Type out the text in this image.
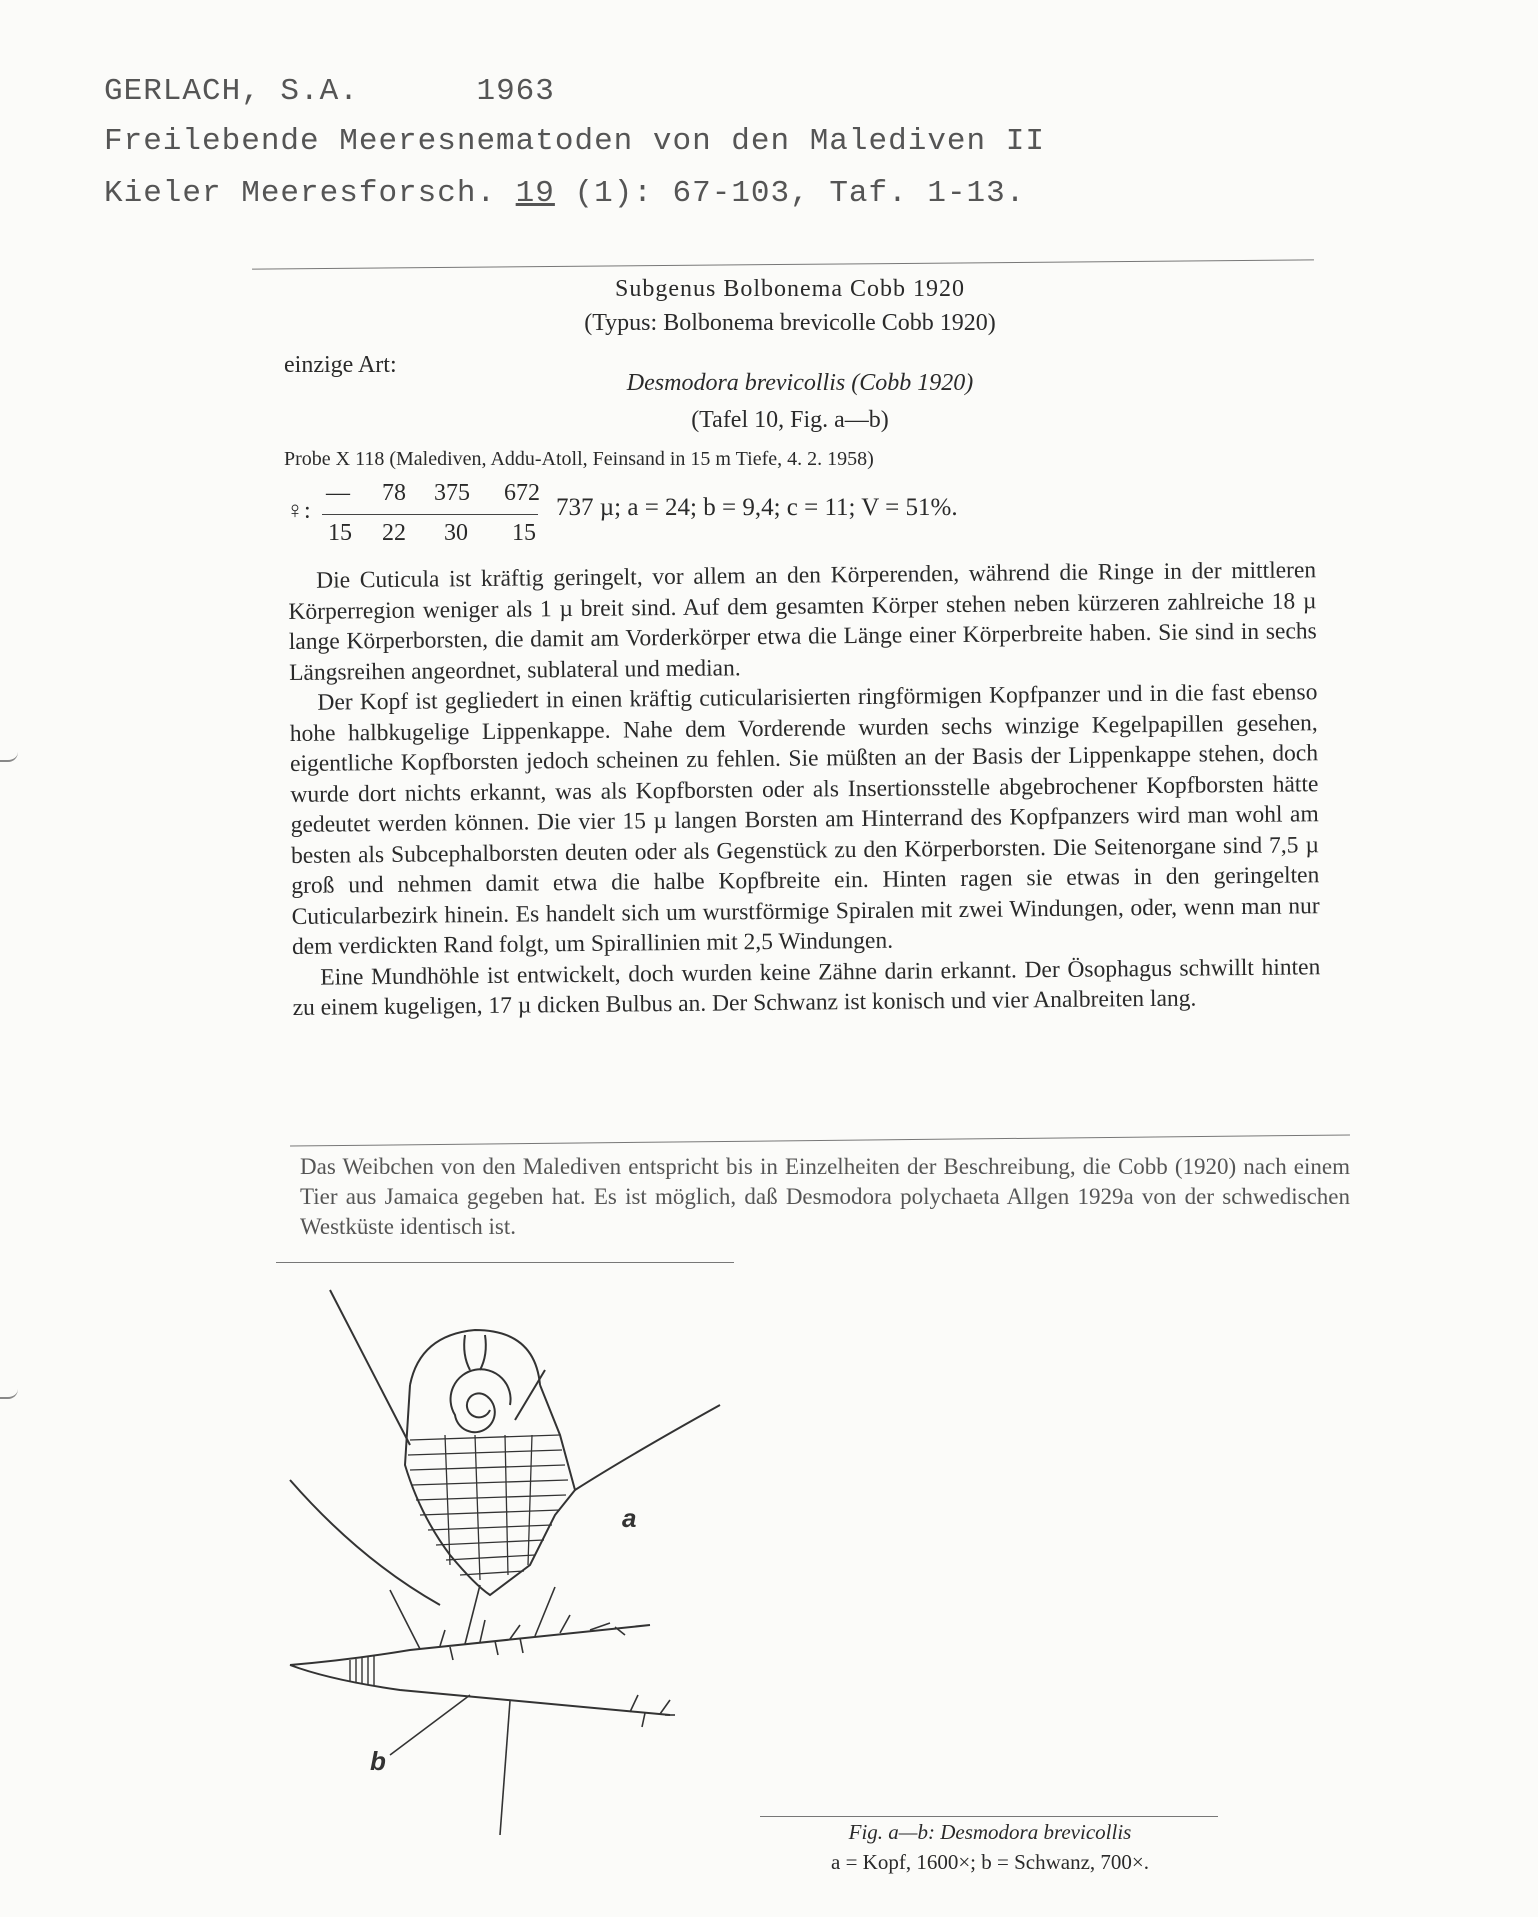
GERLACH, S.A.	1963
Freilebende Meeresnematoden von den Malediven II
Kieler Meeresforsch. 19 (1): 67-103, Taf. 1-13.
Subgenus Bolbonema Cobb 1920
(Typus: Bolbonema brevicolle Cobb 1920)
einzige Art:
Desmodora brevicollis (Cobb 1920)
(Tafel 10, Fig. a—b)
Probe X 118 (Malediven, Addu-Atoll, Feinsand in 15 m Tiefe, 4. 2. 1958)
♀:
— 78 375 672
15 22 30 15
737 µ; a = 24; b = 9,4; c = 11; V = 51%.

Die Cuticula ist kräftig geringelt, vor allem an den Körperenden, während die Ringe in der mittleren Körperregion weniger als 1 µ breit sind. Auf dem gesamten Körper stehen neben kürzeren zahlreiche 18 µ lange Körperborsten, die damit am Vorderkörper etwa die Länge einer Körperbreite haben. Sie sind in sechs Längsreihen angeordnet, sublateral und median.

Der Kopf ist gegliedert in einen kräftig cuticularisierten ringförmigen Kopfpanzer und in die fast ebenso hohe halbkugelige Lippenkappe. Nahe dem Vorderende wurden sechs winzige Kegelpapillen gesehen, eigentliche Kopfborsten jedoch scheinen zu fehlen. Sie müßten an der Basis der Lippenkappe stehen, doch wurde dort nichts erkannt, was als Kopfborsten oder als Insertionsstelle abgebrochener Kopfborsten hätte gedeutet werden können. Die vier 15 µ langen Borsten am Hinterrand des Kopfpanzers wird man wohl am besten als Subcephalborsten deuten oder als Gegenstück zu den Körperborsten. Die Seitenorgane sind 7,5 µ groß und nehmen damit etwa die halbe Kopfbreite ein. Hinten ragen sie etwas in den geringelten Cuticularbezirk hinein. Es handelt sich um wurstförmige Spiralen mit zwei Windungen, oder, wenn man nur dem verdickten Rand folgt, um Spirallinien mit 2,5 Windungen.

Eine Mundhöhle ist entwickelt, doch wurden keine Zähne darin erkannt. Der Ösophagus schwillt hinten zu einem kugeligen, 17 µ dicken Bulbus an. Der Schwanz ist konisch und vier Analbreiten lang.

Das Weibchen von den Malediven entspricht bis in Einzelheiten der Beschreibung, die Cobb (1920) nach einem Tier aus Jamaica gegeben hat. Es ist möglich, daß Desmodora polychaeta Allgen 1929a von der schwedischen Westküste identisch ist.
a
b
Fig. a—b: Desmodora brevicollis
a = Kopf, 1600×; b = Schwanz, 700×.
